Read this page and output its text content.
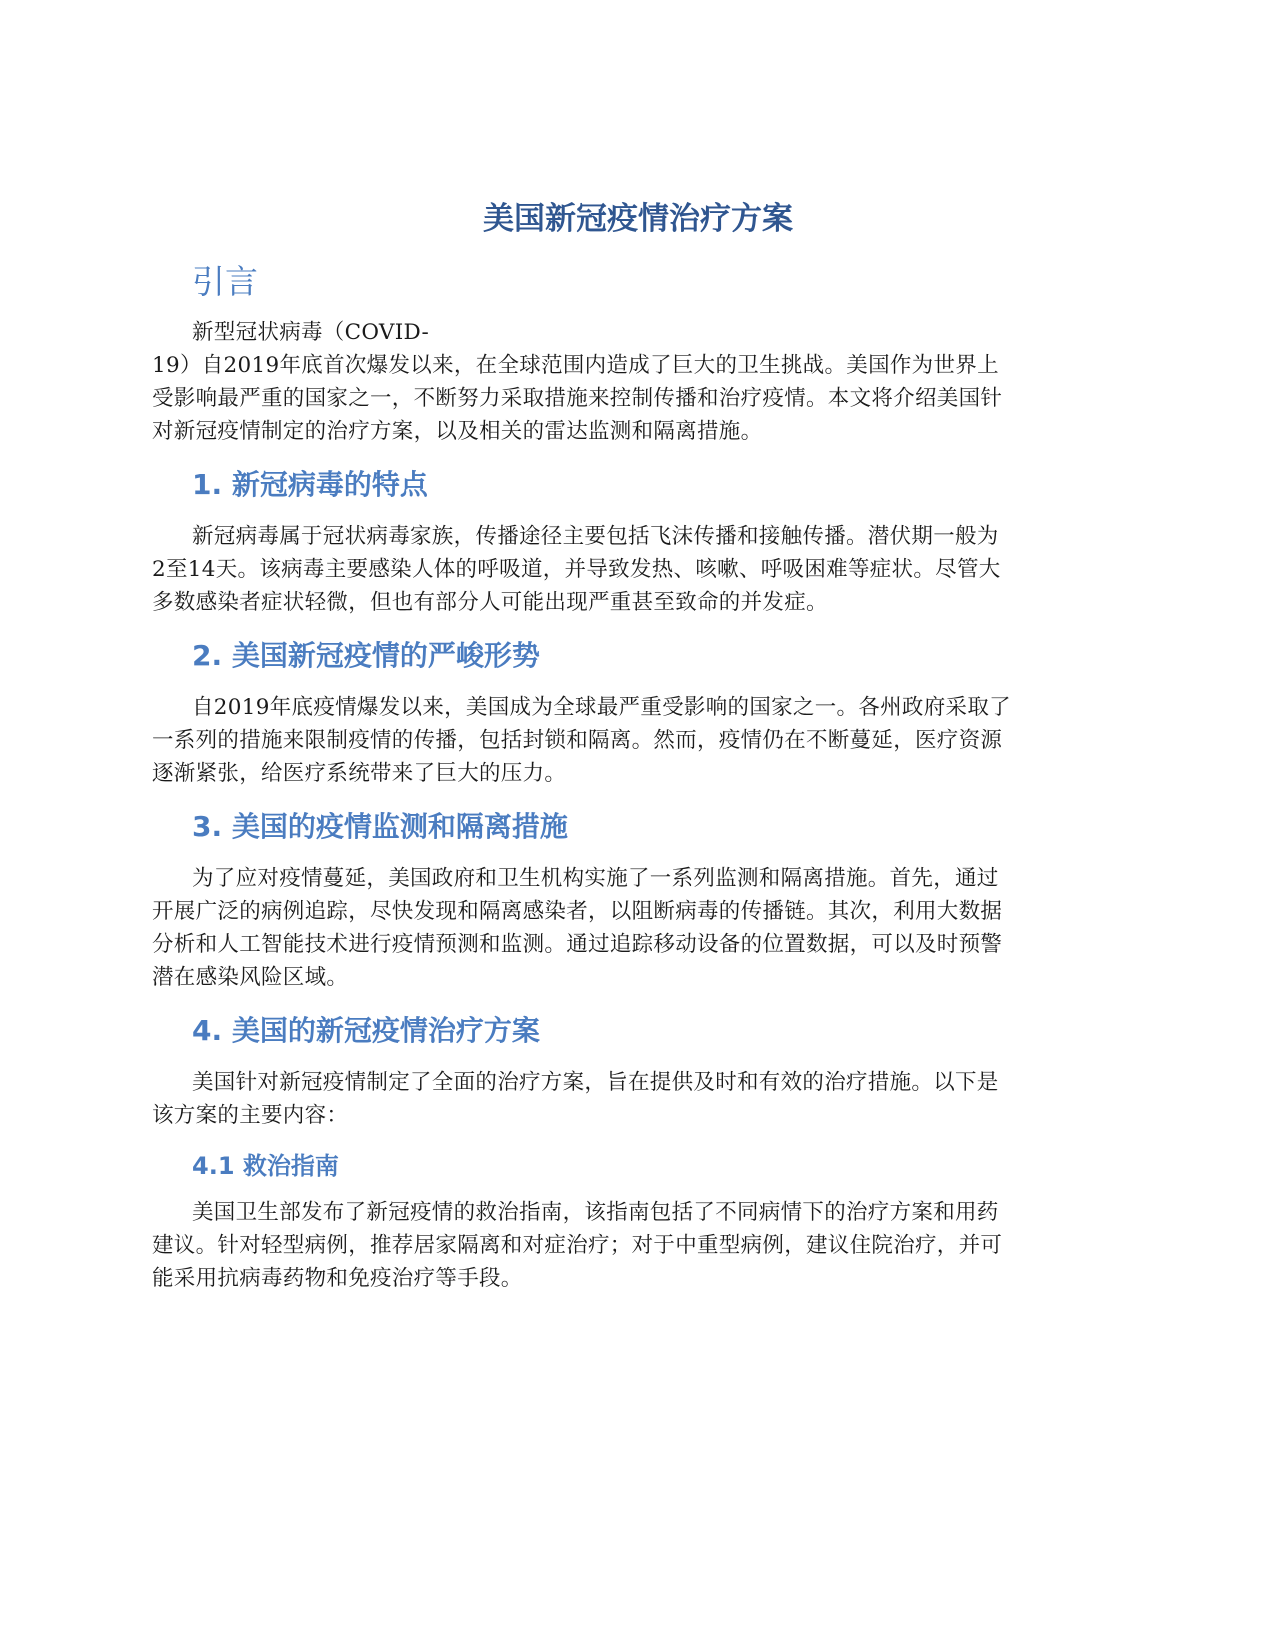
美国新冠疫情治疗方案
引言

新型冠状病毒（COVID-
19）自2019年底首次爆发以来，在全球范围内造成了巨大的卫生挑战。美国作为世界上
受影响最严重的国家之一，不断努力采取措施来控制传播和治疗疫情。本文将介绍美国针
对新冠疫情制定的治疗方案，以及相关的雷达监测和隔离措施。

1. 新冠病毒的特点

新冠病毒属于冠状病毒家族，传播途径主要包括飞沫传播和接触传播。潜伏期一般为
2至14天。该病毒主要感染人体的呼吸道，并导致发热、咳嗽、呼吸困难等症状。尽管大
多数感染者症状轻微，但也有部分人可能出现严重甚至致命的并发症。

2. 美国新冠疫情的严峻形势

自2019年底疫情爆发以来，美国成为全球最严重受影响的国家之一。各州政府采取了
一系列的措施来限制疫情的传播，包括封锁和隔离。然而，疫情仍在不断蔓延，医疗资源
逐渐紧张，给医疗系统带来了巨大的压力。

3. 美国的疫情监测和隔离措施

为了应对疫情蔓延，美国政府和卫生机构实施了一系列监测和隔离措施。首先，通过
开展广泛的病例追踪，尽快发现和隔离感染者，以阻断病毒的传播链。其次，利用大数据
分析和人工智能技术进行疫情预测和监测。通过追踪移动设备的位置数据，可以及时预警
潜在感染风险区域。

4. 美国的新冠疫情治疗方案

美国针对新冠疫情制定了全面的治疗方案，旨在提供及时和有效的治疗措施。以下是
该方案的主要内容：

4.1 救治指南

美国卫生部发布了新冠疫情的救治指南，该指南包括了不同病情下的治疗方案和用药
建议。针对轻型病例，推荐居家隔离和对症治疗；对于中重型病例，建议住院治疗，并可
能采用抗病毒药物和免疫治疗等手段。
